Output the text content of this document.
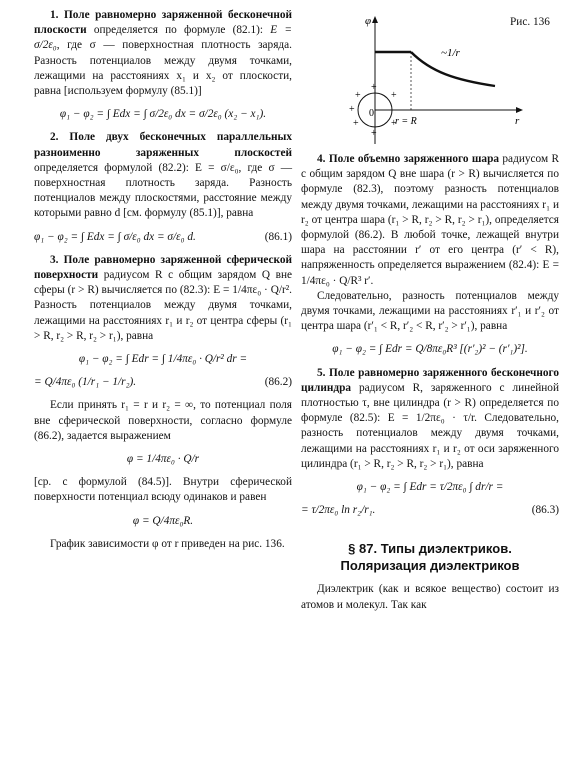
1. Поле равномерно заряженной бесконечной плоскости определяется по формуле (82.1): E = σ/2ε₀, где σ — поверхностная плотность заряда. Разность потенциалов между двумя точками, лежащими на расстояниях x₁ и x₂ от плоскости, равна [используем формулу (85.1)]

φ₁ − φ₂ = ∫ Edx = ∫ σ/2ε₀ dx = σ/2ε₀ (x₂ − x₁).

2. Поле двух бесконечных параллельных разноименно заряженных плоскостей определяется формулой (82.2): E = σ/ε₀, где σ — поверхностная плотность заряда. Разность потенциалов между плоскостями, расстояние между которыми равно d [см. формулу (85.1)], равна

φ₁ − φ₂ = ∫ Edx = ∫ σ/ε₀ dx = σ/ε₀ d.	(86.1)

3. Поле равномерно заряженной сферической поверхности радиусом R с общим зарядом Q вне сферы (r > R) вычисляется по (82.3): E = 1/4πε₀ · Q/r². Разность потенциалов между двумя точками, лежащими на расстояниях r₁ и r₂ от центра сферы (r₁ > R, r₂ > R, r₂ > r₁), равна

φ₁ − φ₂ = ∫ Edr = ∫ 1/4πε₀ · Q/r² dr =
= Q/4πε₀ (1/r₁ − 1/r₂).	(86.2)

Если принять r₁ = r и r₂ = ∞, то потенциал поля вне сферической поверхности, согласно формуле (86.2), задается выражением

φ = 1/4πε₀ · Q/r

[ср. с формулой (84.5)]. Внутри сферической поверхности потенциал всюду одинаков и равен

φ = Q/4πε₀R.

График зависимости φ от r приведен на рис. 136.

Рис. 136
0
+	+
+	+
+
+
+
φ
~1/r
r = R	r

4. Поле объемно заряженного шара радиусом R с общим зарядом Q вне шара (r > R) вычисляется по формуле (82.3), поэтому разность потенциалов между двумя точками, лежащими на расстояниях r₁ и r₂ от центра шара (r₁ > R, r₂ > R, r₂ > r₁), определяется формулой (86.2). В любой точке, лежащей внутри шара на расстоянии r′ от его центра (r′ < R), напряженность определяется выражением (82.4): E = 1/4πε₀ · Q/R³ r′.

Следовательно, разность потенциалов между двумя точками, лежащими на расстояниях r′₁ и r′₂ от центра шара (r′₁ < R, r′₂ < R, r′₂ > r′₁), равна

φ₁ − φ₂ = ∫ Edr = Q/8πε₀R³ [(r′₂)² − (r′₁)²].

5. Поле равномерно заряженного бесконечного цилиндра радиусом R, заряженного с линейной плотностью τ, вне цилиндра (r > R) определяется по формуле (82.5): E = 1/2πε₀ · τ/r. Следовательно, разность потенциалов между двумя точками, лежащими на расстояниях r₁ и r₂ от оси заряженного цилиндра (r₁ > R, r₂ > R, r₂ > r₁), равна

φ₁ − φ₂ = ∫ Edr = τ/2πε₀ ∫ dr/r =
= τ/2πε₀ ln r₂/r₁.	(86.3)
§ 87. Типы диэлектриков.
Поляризация диэлектриков

Диэлектрик (как и всякое вещество) состоит из атомов и молекул. Так как
